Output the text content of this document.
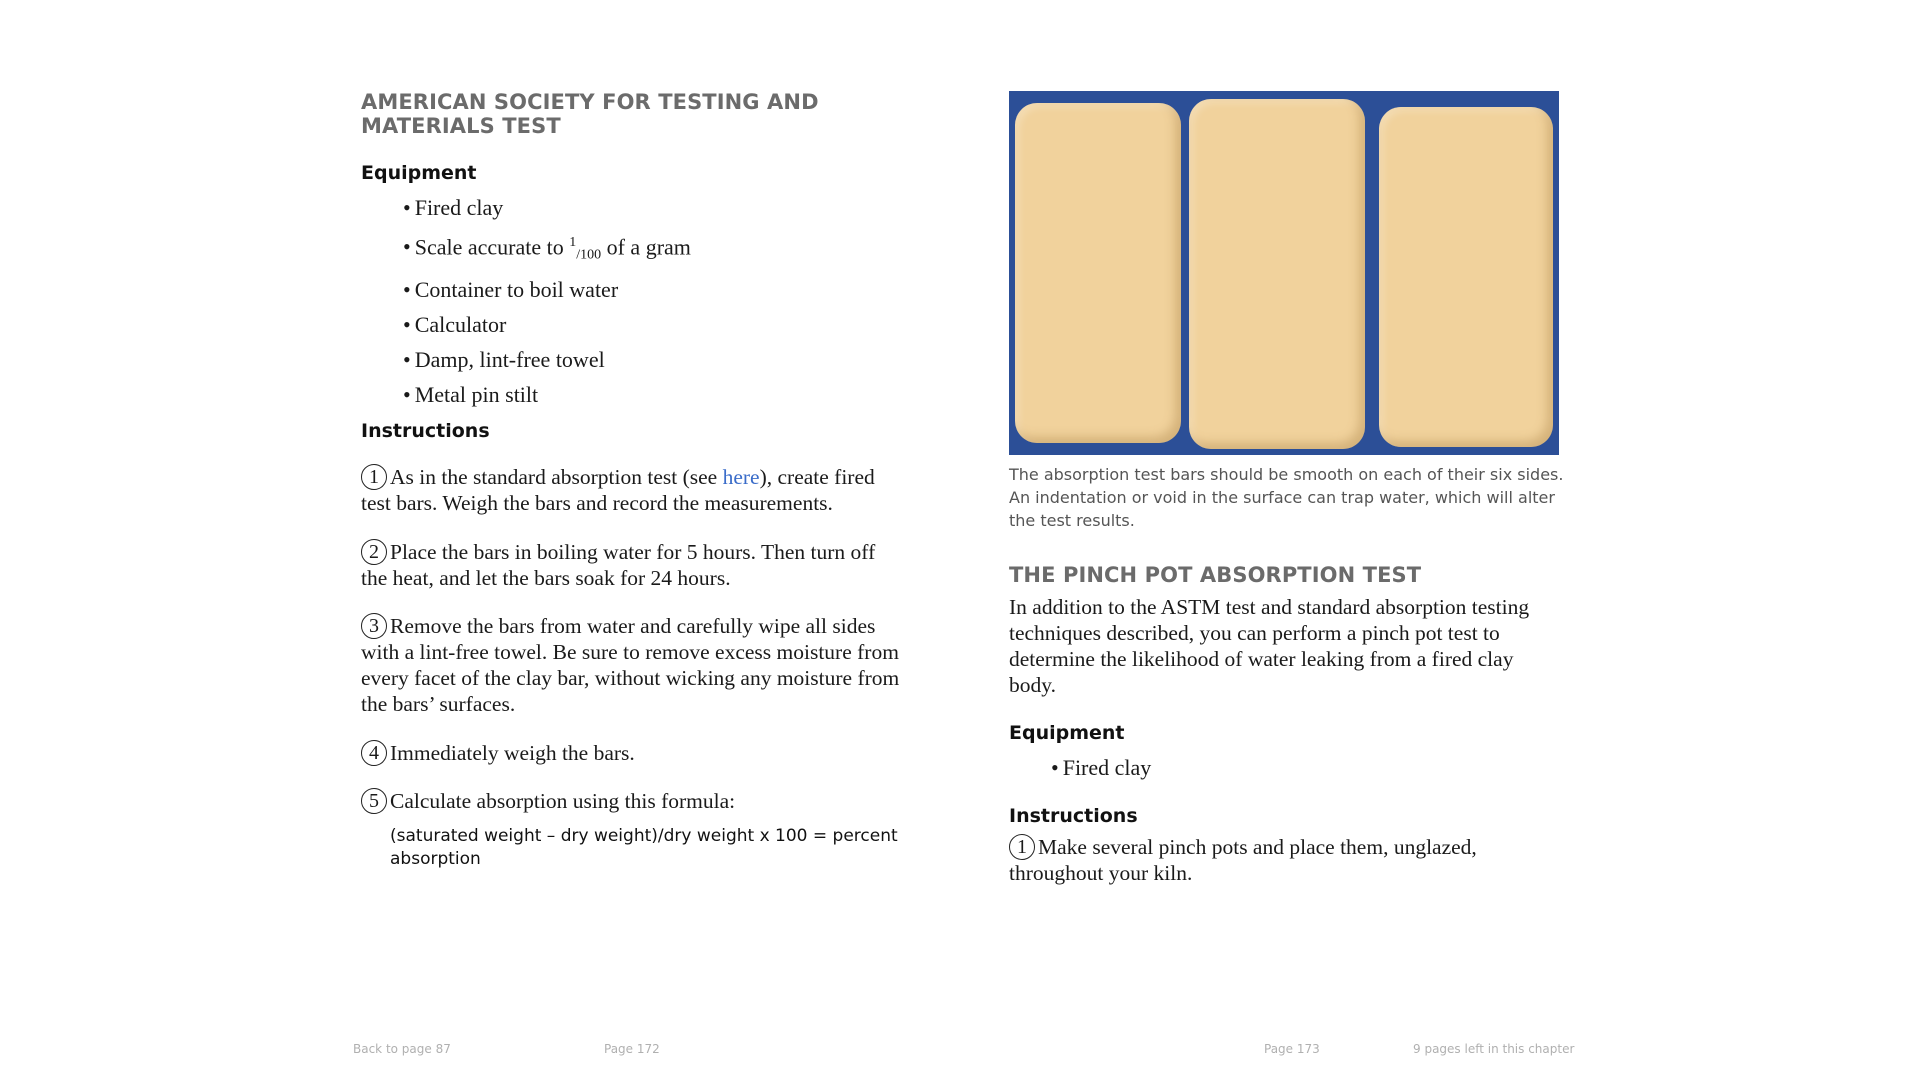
AMERICAN SOCIETY FOR TESTING AND MATERIALS TEST
Equipment
• Fired clay
• Scale accurate to $^1_{/100}$ of a gram
• Container to boil water
• Calculator
• Damp, lint-free towel
• Metal pin stilt
Instructions
1 As in the standard absorption test (see here), create fired test bars. Weigh the bars and record the measurements.
2 Place the bars in boiling water for 5 hours. Then turn off the heat, and let the bars soak for 24 hours.
3 Remove the bars from water and carefully wipe all sides with a lint-free towel. Be sure to remove excess moisture from every facet of the clay bar, without wicking any moisture from the bars’ surfaces.
4 Immediately weigh the bars.
5 Calculate absorption using this formula:
(saturated weight – dry weight)/dry weight x 100 = percent absorption
The absorption test bars should be smooth on each of their six sides. An indentation or void in the surface can trap water, which will alter the test results.
THE PINCH POT ABSORPTION TEST
In addition to the ASTM test and standard absorption testing techniques described, you can perform a pinch pot test to determine the likelihood of water leaking from a fired clay body.
Equipment
• Fired clay
Instructions
1 Make several pinch pots and place them, unglazed, throughout your kiln.
Back to page 87	Page 172	Page 173	9 pages left in this chapter
